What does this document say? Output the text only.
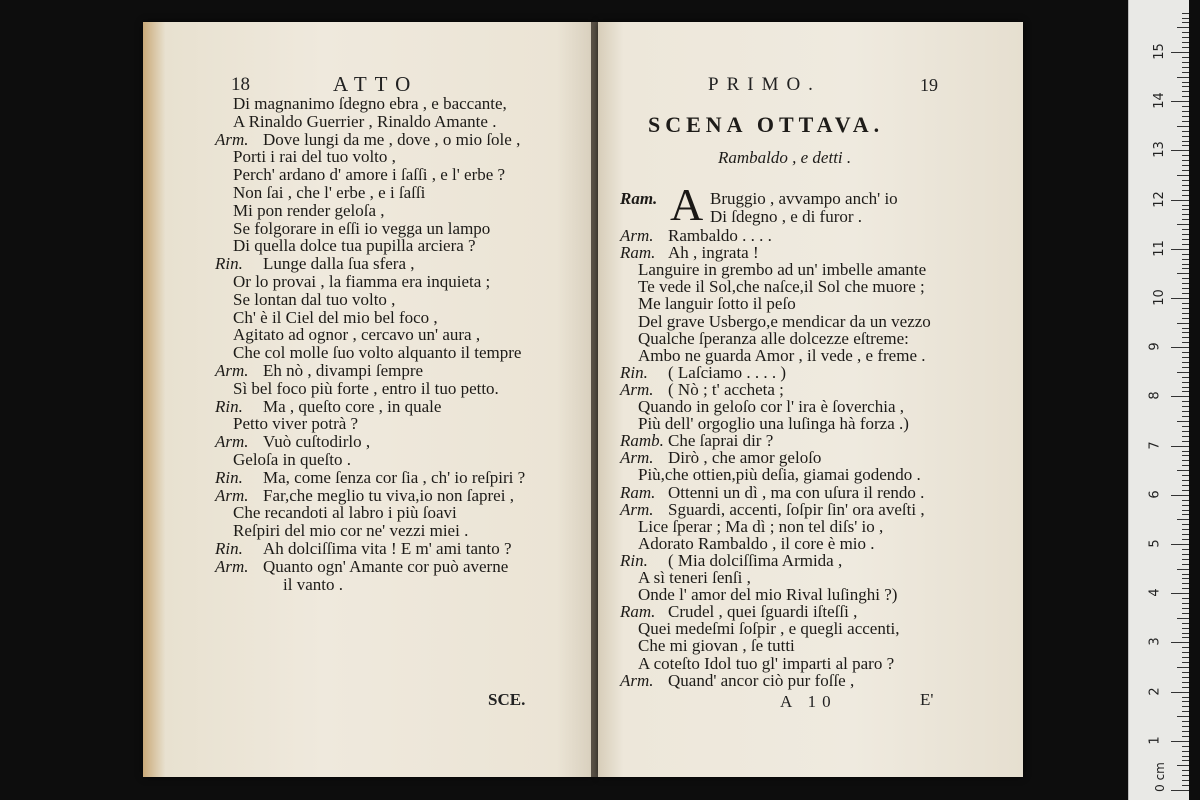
18	ATTO
Di magnanimo ſdegno ebra , e baccante,
A Rinaldo Guerrier , Rinaldo Amante .
Arm. Dove lungi da me , dove , o mio ſole ,
Porti i rai del tuo volto ,
Perch' ardano d' amore i ſaſſi , e l' erbe ?
Non ſai , che l' erbe , e i ſaſſi
Mi pon render geloſa ,
Se folgorare in eſſi io vegga un lampo
Di quella dolce tua pupilla arciera ?
Rin. Lunge dalla ſua sfera ,
Or lo provai , la fiamma era inquieta ;
Se lontan dal tuo volto ,
Ch' è il Ciel del mio bel foco ,
Agitato ad ognor , cercavo un' aura ,
Che col molle ſuo volto alquanto il tempre
Arm. Eh nò , divampi ſempre
Sì bel foco più forte , entro il tuo petto.
Rin. Ma , queſto core , in quale
Petto viver potrà ?
Arm. Vuò cuſtodirlo ,
Geloſa in queſto .
Rin. Ma, come ſenza cor ſia , ch' io reſpiri ?
Arm. Far,che meglio tu viva,io non ſaprei ,
Che recandoti al labro i più ſoavi
Reſpiri del mio cor ne' vezzi miei .
Rin. Ah dolciſſima vita ! E m' ami tanto ?
Arm. Quanto ogn' Amante cor può averne
il vanto .
SCE.
PRIMO.	19
SCENA OTTAVA.
Rambaldo , e detti .
Ram. A Bruggio , avvampo anch' io
Di ſdegno , e di furor .
Arm. Rambaldo . . . .
Ram. Ah , ingrata !
Languire in grembo ad un' imbelle amante
Te vede il Sol,che naſce,il Sol che muore ;
Me languir ſotto il peſo
Del grave Usbergo,e mendicar da un vezzo
Qualche ſperanza alle dolcezze eſtreme:
Ambo ne guarda Amor , il vede , e freme .
Rin. ( Laſciamo . . . . )
Arm. ( Nò ; t' accheta ;
Quando in geloſo cor l' ira è ſoverchia ,
Più dell' orgoglio una luſinga hà forza .)
Ramb. Che ſaprai dir ?
Arm. Dirò , che amor geloſo
Più,che ottien,più deſia, giamai godendo .
Ram. Ottenni un dì , ma con uſura il rendo .
Arm. Sguardi, accenti, ſoſpir ſin' ora aveſti ,
Lice ſperar ; Ma dì ; non tel diſs' io ,
Adorato Rambaldo , il core è mio .
Rin. ( Mia dolciſſima Armida ,
A sì teneri ſenſi ,
Onde l' amor del mio Rival luſinghi ?)
Ram. Crudel , quei ſguardi iſteſſi ,
Quei medeſmi ſoſpir , e quegli accenti,
Che mi giovan , ſe tutti
A coteſto Idol tuo gl' imparti al paro ?
Arm. Quand' ancor ciò pur foſſe ,
A 10	E'
0 cm
1
2
3
4
5
6
7
8
9
10
11
12
13
14
15
